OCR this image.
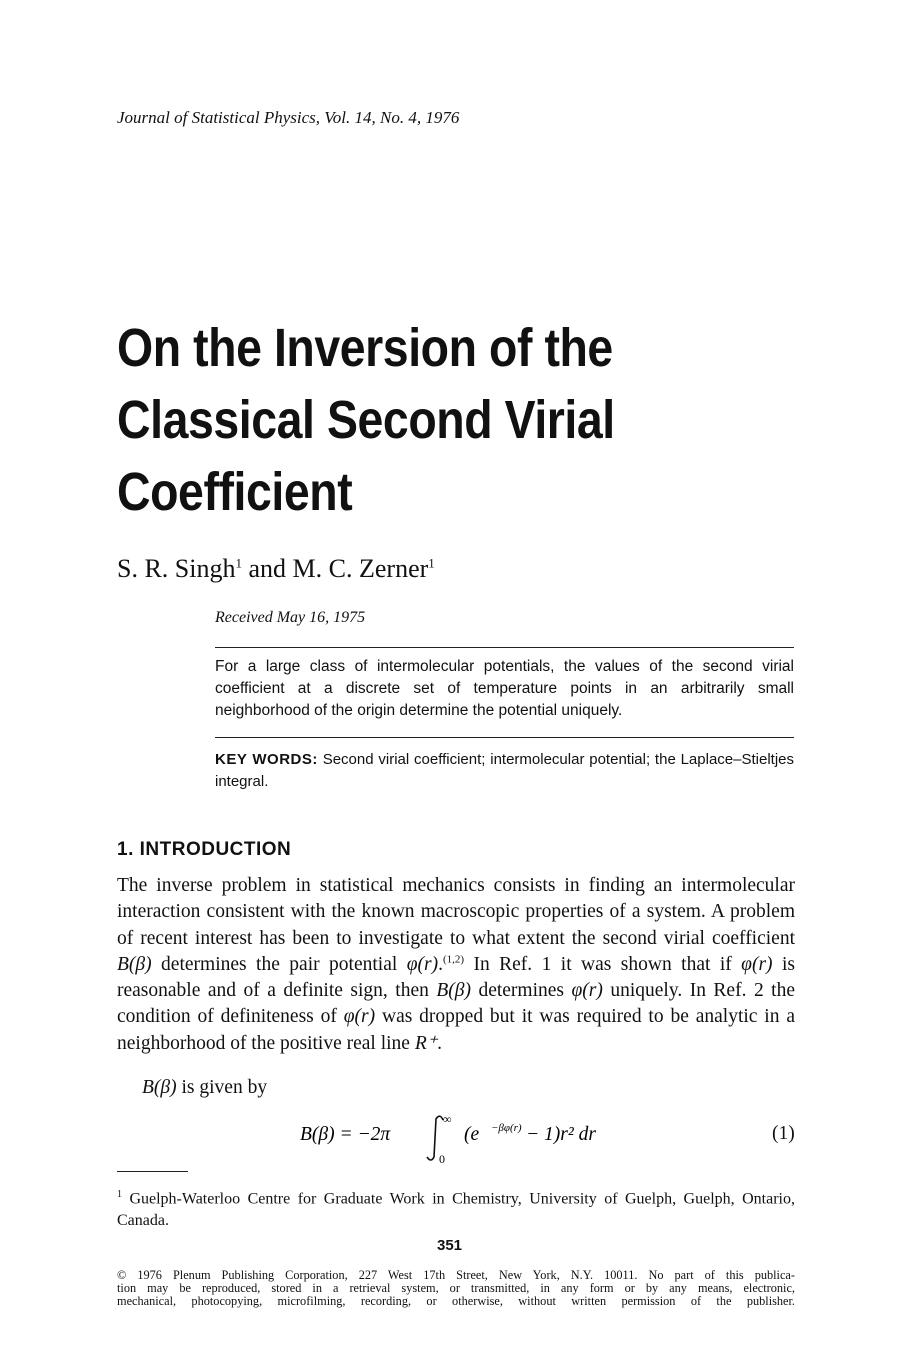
Journal of Statistical Physics, Vol. 14, No. 4, 1976
On the Inversion of the
Classical Second Virial
Coefficient
S. R. Singh$^1$ and M. C. Zerner$^1$
Received May 16, 1975
For a large class of intermolecular potentials, the values of the second virial coefficient at a discrete set of temperature points in an arbitrarily small neighborhood of the origin determine the potential uniquely.
KEY WORDS: Second virial coefficient; intermolecular potential; the Laplace–Stieltjes integral.
1. INTRODUCTION
The inverse problem in statistical mechanics consists in finding an intermolecular interaction consistent with the known macroscopic properties of a system. A problem of recent interest has been to investigate to what extent the second virial coefficient B(β) determines the pair potential φ(r).$^{(1,2)}$ In Ref. 1 it was shown that if φ(r) is reasonable and of a definite sign, then B(β) determines φ(r) uniquely. In Ref. 2 the condition of definiteness of φ(r) was dropped but it was required to be analytic in a neighborhood of the positive real line R⁺.
B(β) is given by
B(β) = −2π
∞
0
(e −βφ(r) − 1)r² dr	(1)
$^1$ Guelph-Waterloo Centre for Graduate Work in Chemistry, University of Guelph, Guelph, Ontario, Canada.
351
© 1976 Plenum Publishing Corporation, 227 West 17th Street, New York, N.Y. 10011. No part of this publica-
tion may be reproduced, stored in a retrieval system, or transmitted, in any form or by any means, electronic,
mechanical, photocopying, microfilming, recording, or otherwise, without written permission of the publisher.
